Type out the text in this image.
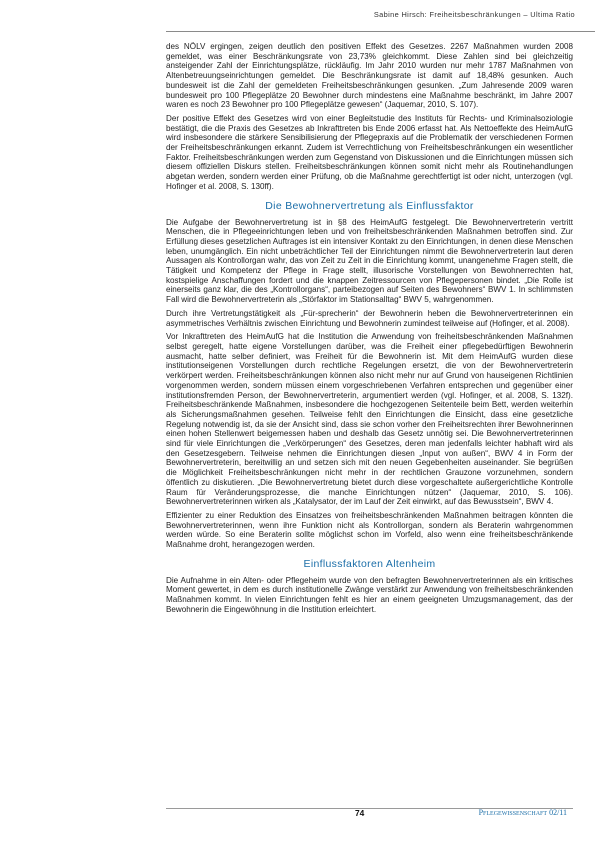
Sabine Hirsch: Freiheitsbeschränkungen – Ultima Ratio

des NÖLV ergingen, zeigen deutlich den positiven Effekt des Gesetzes. 2267 Maßnahmen wurden 2008 gemeldet, was einer Beschränkungsrate von 23,73% gleichkommt. Diese Zahlen sind bei gleichzeitig ansteigender Zahl der Einrichtungsplätze, rückläufig. Im Jahr 2010 wurden nur mehr 1787 Maßnahmen von Altenbetreuungseinrichtungen gemeldet. Die Beschränkungsrate ist damit auf 18,48% gesunken. Auch bundesweit ist die Zahl der gemeldeten Freiheitsbeschränkungen gesunken. „Zum Jahresende 2009 waren bundesweit pro 100 Pflegeplätze 20 Bewohner durch mindestens eine Maßnahme beschränkt, im Jahre 2007 waren es noch 23 Bewohner pro 100 Pflegeplätze gewesen“ (Jaquemar, 2010, S. 107).

Der positive Effekt des Gesetzes wird von einer Begleitstudie des Instituts für Rechts- und Kriminalsoziologie bestätigt, die die Praxis des Gesetzes ab Inkrafttreten bis Ende 2006 erfasst hat. Als Nettoeffekte des HeimAufG wird insbesondere die stärkere Sensibilisierung der Pflegepraxis auf die Problematik der verschiedenen Formen der Freiheitsbeschränkungen erkannt. Zudem ist Verrechtlichung von Freiheitsbeschränkungen ein wesentlicher Faktor. Freiheitsbeschränkungen werden zum Gegenstand von Diskussionen und die Einrichtungen müssen sich diesem offiziellen Diskurs stellen. Freiheitsbeschränkungen können somit nicht mehr als Routinehandlungen abgetan werden, sondern werden einer Prüfung, ob die Maßnahme gerechtfertigt ist oder nicht, unterzogen (vgl. Hofinger et al. 2008, S. 130ff).

Die Bewohnervertretung als Einflussfaktor

Die Aufgabe der Bewohnervertretung ist in §8 des HeimAufG festgelegt. Die Bewohnervertreterin vertritt Menschen, die in Pflegeeinrichtungen leben und von freiheitsbeschränkenden Maßnahmen betroffen sind. Zur Erfüllung dieses gesetzlichen Auftrages ist ein intensiver Kontakt zu den Einrichtungen, in denen diese Menschen leben, unumgänglich. Ein nicht unbeträchtlicher Teil der Einrichtungen nimmt die Bewohnervertreterin laut deren Aussagen als Kontrollorgan wahr, das von Zeit zu Zeit in die Einrichtung kommt, unangenehme Fragen stellt, die Tätigkeit und Kompetenz der Pflege in Frage stellt, illusorische Vorstellungen von Bewohnerrechten hat, kostspielige Anschaffungen fordert und die knappen Zeitressourcen von Pflegepersonen bindet. „Die Rolle ist einerseits ganz klar, die des „Kontrollorgans“, parteibezogen auf Seiten des Bewohners“ BWV 1. In schlimmsten Fall wird die Bewohnervertreterin als „Störfaktor im Stationsalltag“ BWV 5, wahrgenommen.

Durch ihre Vertretungstätigkeit als „Für-sprecherin“ der Bewohnerin heben die Bewohnervertreterinnen ein asymmetrisches Verhältnis zwischen Einrichtung und Bewohnerin zumindest teilweise auf (Hofinger, et al. 2008).

Vor Inkrafttreten des HeimAufG hat die Institution die Anwendung von freiheitsbeschränkenden Maßnahmen selbst geregelt, hatte eigene Vorstellungen darüber, was die Freiheit einer pflegebedürftigen Bewohnerin ausmacht, hatte selber definiert, was Freiheit für die Bewohnerin ist. Mit dem HeimAufG wurden diese institutionseigenen Vorstellungen durch rechtliche Regelungen ersetzt, die von der Bewohnervertreterin verkörpert werden. Freiheitsbeschränkungen können also nicht mehr nur auf Grund von hauseigenen Richtlinien vorgenommen werden, sondern müssen einem vorgeschriebenen Verfahren entsprechen und gegenüber einer institutionsfremden Person, der Bewohnervertreterin, argumentiert werden (vgl. Hofinger, et al. 2008, S. 132f). Freiheitsbeschränkende Maßnahmen, insbesondere die hochgezogenen Seitenteile beim Bett, werden weiterhin als Sicherungsmaßnahmen gesehen. Teilweise fehlt den Einrichtungen die Einsicht, dass eine gesetzliche Regelung notwendig ist, da sie der Ansicht sind, dass sie schon vorher den Freiheitsrechten ihrer Bewohnerinnen einen hohen Stellenwert beigemessen haben und deshalb das Gesetz unnötig sei. Die Bewohnervertreterinnen sind für viele Einrichtungen die „Verkörperungen“ des Gesetzes, deren man jedenfalls leichter habhaft wird als den Gesetzesgebern. Teilweise nehmen die Einrichtungen diesen „Input von außen“, BWV 4 in Form der Bewohnervertreterin, bereitwillig an und setzen sich mit den neuen Gegebenheiten auseinander. Sie begrüßen die Möglichkeit Freiheitsbeschränkungen nicht mehr in der rechtlichen Grauzone vorzunehmen, sondern öffentlich zu diskutieren. „Die Bewohnervertretung bietet durch diese vorgeschaltete außergerichtliche Kontrolle Raum für Veränderungsprozesse, die manche Einrichtungen nützen“ (Jaquemar, 2010, S. 106). Bewohnervertreterinnen wirken als „Katalysator, der im Lauf der Zeit einwirkt, auf das Bewusstsein“, BWV 4.

Effizienter zu einer Reduktion des Einsatzes von freiheitsbeschränkenden Maßnahmen beitragen könnten die Bewohnervertreterinnen, wenn ihre Funktion nicht als Kontrollorgan, sondern als Beraterin wahrgenommen werden würde. So eine Beraterin sollte möglichst schon im Vorfeld, also wenn eine freiheitsbeschränkende Maßnahme droht, herangezogen werden.

Einflussfaktoren Altenheim

Die Aufnahme in ein Alten- oder Pflegeheim wurde von den befragten Bewohnervertreterinnen als ein kritisches Moment gewertet, in dem es durch institutionelle Zwänge verstärkt zur Anwendung von freiheitsbeschränkenden Maßnahmen kommt. In vielen Einrichtungen fehlt es hier an einem geeigneten Umzugsmanagement, das der Bewohnerin die Eingewöhnung in die Institution erleichtert.

74	Pflegewissenschaft 02/11
